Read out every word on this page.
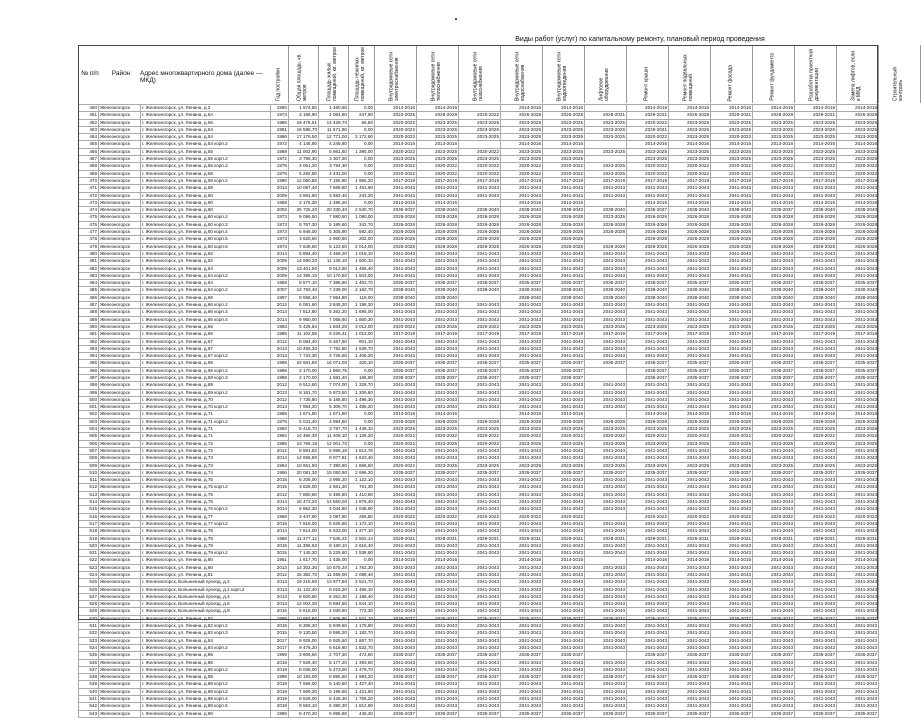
Виды работ (услуг) по капитальному ремонту, плановый период проведения
№ п/п	Район	Адрес многоквартирного дома (далее — МКД)	Год постройки	Общая площадь, кв. метров	Площадь жилых помещений, кв. метров	Площадь нежилых помещений, кв. метров	Внутридомовые сети электроснабжения	Внутридомовые сети теплоснабжения	Внутридомовые сети газоснабжения	Внутридомовые сети водоснабжения	Внутридомовые сети водоотведения	Лифтовое оборудование	Ремонт крыши	Ремонт подвальных помещений	Ремонт фасада	Ремонт фундамента	Разработка проектной документации	Замена лифтов, если в МКД	Строительный контроль
460	Железногорск	г. Железногорск, ул. Ленина, д.2	1960	1 574,50	1 460,60	0,00	2014-2016	2014-2016		2014-2016	2014-2016		2014-2016	2014-2016	2014-2016	2014-2016	2014-2016	2014-2016
461	Железногорск	г. Железногорск, ул. Ленина, д.5А	1973	3 168,90	2 064,80	247,80	2023-2025	2026-2028	2020-2022	2026-2028	2026-2028	2029-2031	2029-2031	2026-2028	2029-2031	2026-2028	2029-2031	2026-2028
462	Железногорск	г. Железногорск, ул. Ленина, д.56	1986	19 475,51	14 429,70	66,80	2020-2022	2023-2025	2023-2025	2023-2025	2023-2025	2023-2025	2020-2022	2023-2025	2023-2025	2023-2025	2023-2025	2023-2025
463	Железногорск	г. Железногорск, ул. Ленина, д.54	1981	16 585,70	11 671,90	0,00	2020-2022	2023-2025	2023-2025	2023-2025	2023-2025	2023-2025	2029-2031	2023-2025	2023-2025	2023-2025	2023-2025	2023-2025
464	Железногорск	г. Железногорск, ул. Ленина, д.54	1986	17 176,50	12 771,00	2 172,60	2020-2022	2023-2025	2023-2025	2023-2025	2023-2025	2023-2025	2020-2022	2023-2025	2020-2022	2023-2025	2023-2025	2023-2025
465	Железногорск	г. Железногорск, ул. Ленина, д.54 корп.2	1972	4 146,80	4 246,80	0,00	2014-2016	2014-2016		2014-2016	2014-2016		2014-2016	2014-2016	2014-2016	2014-2016	2014-2016	2014-2016
466	Железногорск	г. Железногорск, ул. Ленина, д.56	1989	11 002,90	6 861,60	1 395,00	2020-2022	2023-2025	2020-2022	2023-2025	2023-2025	2023-2025	2023-2025	2023-2025	2023-2025	2023-2025	2023-2025	2023-2025
467	Железногорск	г. Железногорск, ул. Ленина, д.56 корп.2	1972	3 759,30	3 307,30	0,00	2023-2025	2023-2025	2023-2025	2023-2025	2023-2025		2023-2025	2023-2025	2023-2025	2023-2025	2023-2025	2023-2025
468	Железногорск	г. Железногорск, ул. Ленина, д.56 корп.3	1978	4 061,20	3 794,30	0,00	2020-2022	2020-2022	2020-2022	2020-2022	2020-2022	2023-2025	2020-2022	2020-2022	2020-2022	2020-2022	2020-2022	2020-2022
469	Железногорск	г. Железногорск, ул. Ленина, д.58	1979	5 282,60	4 431,00	0,00	2020-2022	2020-2022	2020-2022	2020-2022	2020-2022	2023-2025	2020-2022	2020-2022	2020-2022	2020-2022	2020-2022	2020-2022
470	Железногорск	г. Железногорск, ул. Ленина, д.58 корп.2	1990	12 060,80	7 156,80	1 955,20	2017-2019	2017-2019	2017-2019	2017-2019	2017-2019	2017-2019	2017-2019	2017-2019	2017-2019	2017-2019	2017-2019	2017-2019
471	Железногорск	г. Железногорск, ул. Ленина, д.58	2013	10 087,40	7 568,80	1 451,90	2041-2043	2041-2043	2041-2043	2041-2043	2041-2043	2041-2043	2041-2043	2041-2043	2041-2043	2041-2043	2041-2043	2041-2043
472	Железногорск	г. Железногорск, ул. Ленина, д.60	2009	3 591,60	3 583,40	243,20	2041-2043	2041-2043	2041-2043	2041-2043	2041-2043	2041-2043	2041-2043	2041-2043	2041-2043	2041-2043	2041-2043	2041-2043
473	Железногорск	г. Железногорск, ул. Ленина, д.60	1958	2 176,30	1 486,20	0,00	2014-2016	2014-2016		2014-2016	2014-2016		2014-2016	2014-2016	2014-2016	2014-2016	2014-2016	2014-2016
474	Железногорск	г. Железногорск, ул. Ленина, д.60	2002	25 725,20	20 330,40	2 540,70	2035-2037	2038-2040	2038-2040	2038-2040	2038-2040	2038-2040	2035-2037	2038-2040	2038-2040	2035-2037	2038-2040	2038-2040
475	Железногорск	г. Железногорск, ул. Ленина, д.60 корп.2	1973	9 096,50	7 880,50	1 090,00	2026-2028	2026-2028	2026-2028	2026-2028	2026-2028	2023-2025	2026-2028	2026-2028	2026-2028	2026-2028	2026-2028	2026-2028
476	Железногорск	г. Железногорск, ул. Ленина, д.60 корп.3	1973	5 767,30	5 189,60	342,70	2026-2028	2026-2028	2026-2028	2026-2028	2026-2028	2026-2028	2026-2028	2026-2028	2026-2028	2026-2028	2026-2028	2026-2028
477	Железногорск	г. Железногорск, ул. Ленина, д.60 корп.4	1973	5 946,00	5 305,90	582,40	2026-2028	2026-2028	2026-2028	2026-2028	2026-2028	2026-2028	2026-2028	2026-2028	2026-2028	2026-2028	2026-2028	2026-2028
478	Железногорск	г. Железногорск, ул. Ленина, д.60 корп.5	1973	3 520,60	2 960,60	202,00	2026-2028	2026-2028	2026-2028	2026-2028	2026-2028		2026-2028	2026-2028	2026-2028	2026-2028	2026-2028	2026-2028
479	Железногорск	г. Железногорск, ул. Ленина, д.60 корп.6	1973	7 649,50	5 122,50	2 014,00	2026-2028	2026-2028	2026-2028	2026-2028	2026-2028	2026-2028	2026-2028	2026-2028	2026-2028	2026-2028	2026-2028	2026-2028
480	Железногорск	г. Железногорск, ул. Ленина, д.62	2014	5 894,40	4 469,20	1 018,10	2041-2043	2041-2043	2041-2043	2041-2043	2041-2043	2041-2043	2041-2043	2041-2043	2041-2043	2041-2043	2041-2043	2041-2043
481	Железногорск	г. Железногорск, ул. Ленина, д.62	2009	14 690,20	11 138,10	1 600,10	2041-2043	2041-2043	2041-2043	2041-2043	2041-2043	2041-2043	2041-2043	2041-2043	2041-2043	2041-2043	2041-2043	2041-2043
482	Железногорск	г. Железногорск, ул. Ленина, д.64	2009	13 401,90	9 013,50	1 456,40	2041-2043	2041-2043	2041-2043	2041-2043	2041-2043	2041-2043	2041-2043	2041-2043	2041-2043	2041-2043	2041-2043	2041-2043
483	Железногорск	г. Железногорск, ул. Ленина, д.64 корп.2	2009	14 395,10	10 170,50	1 503,00	2041-2043	2041-2043	2041-2043	2041-2043	2041-2043	2041-2043	2041-2043	2041-2043	2041-2043	2041-2043	2041-2043	2041-2043
484	Железногорск	г. Железногорск, ул. Ленина, д.64	1959	8 577,10	7 388,60	1 402,70	2035-2037	2035-2037	2035-2037	2035-2037	2035-2037	2035-2037	2035-2037	2035-2037	2035-2037	2035-2037	2035-2037	2035-2037
485	Железногорск	г. Железногорск, ул. Ленина, д.64 корп.2	2007	12 793,40	7 239,00	2 162,70	2038-2040	2038-2040	2038-2040	2038-2040	2038-2040	2038-2040	2038-2040	2038-2040	2038-2040	2038-2040	2038-2040	2038-2040
486	Железногорск	г. Железногорск, ул. Ленина, д.66	1997	9 558,40	7 954,80	119,00	2038-2040	2038-2040		2038-2040	2038-2040	2038-2040	2038-2040	2038-2040	2038-2040	2038-2040	2038-2040	2038-2040
487	Железногорск	г. Железногорск, ул. Ленина, д.66 корп.2	2012	6 061,60	3 849,20	1 198,30	2041-2043	2041-2043	2041-2043	2041-2043	2041-2043	2041-2043	2041-2043	2041-2043	2041-2043	2041-2043	2041-2043	2041-2043
488	Железногорск	г. Железногорск, ул. Ленина, д.66 корп.3	2013	7 812,80	5 262,20	1 695,00	2041-2043	2041-2043	2041-2043	2041-2043	2041-2043	2041-2043	2041-2043	2041-2043	2041-2043	2041-2043	2041-2043	2041-2043
489	Железногорск	г. Железногорск, ул. Ленина, д.66 корп.4	2014	9 950,00	7 058,60	1 660,30	2041-2043	2041-2043	2041-2043	2041-2043	2041-2043	2041-2043	2041-2043	2041-2043	2041-2043	2041-2043	2041-2043	2041-2043
490	Железногорск	г. Железногорск, ул. Ленина, д.66	1983	5 425,84	1 834,28	3 012,00	2020-2022	2023-2025	2020-2022	2023-2025	2023-2025	2023-2025	2023-2025	2023-2025	2023-2025	2023-2025	2023-2025	2023-2025
491	Железногорск	г. Железногорск, ул. Ленина, д.66	1985	11 102,56	9 225,41	1 012,00	2017-2019	2017-2019	2017-2019	2017-2019	2017-2019	2017-2019	2017-2019	2017-2019	2017-2019	2017-2019	2017-2019	2017-2019
492	Железногорск	г. Железногорск, ул. Ленина, д.67	2012	8 084,40	6 467,60	801,10	2041-2043	2041-2043	2041-2043	2041-2043	2041-2043	2041-2043	2041-2043	2041-2043	2041-2043	2041-2043	2041-2043	2041-2043
493	Железногорск	г. Железногорск, ул. Ленина, д.67	2013	10 455,30	7 782,80	1 539,70	2041-2043	2041-2043	2041-2043	2041-2043	2041-2043	2041-2043	2041-2043	2041-2043	2041-2043	2041-2043	2041-2043	2041-2043
494	Железногорск	г. Железногорск, ул. Ленина, д.67 корп.2	2013	7 733,30	4 725,50	1 406,20	2041-2043	2041-2043	2041-2043	2041-2043	2041-2043	2041-2043	2041-2043	2041-2043	2041-2043	2041-2043	2041-2043	2041-2043
495	Железногорск	г. Железногорск, ул. Ленина, д.68	1998	22 681,80	16 071,00	320,10	2035-2037	2035-2037	2035-2037	2035-2037	2035-2037	2035-2037	2035-2037	2035-2037	2035-2037	2035-2037	2035-2037	2035-2037
496	Железногорск	г. Железногорск, ул. Ленина, д.68 корп.2	1998	2 170,00	1 960,75	0,00	2035-2037	2035-2037	2035-2037	2035-2037	2035-2037		2035-2037	2035-2037	2035-2037	2035-2037	2035-2037	2035-2037
497	Железногорск	г. Железногорск, ул. Ленина, д.68 корп.3	1988	2 170,00	1 581,40	166,80	2035-2037	2035-2037	2035-2037	2035-2037	2035-2037		2035-2037	2035-2037	2035-2037	2035-2037	2035-2037	2035-2037
498	Железногорск	г. Железногорск, ул. Ленина, д.69	2012	9 512,60	7 074,00	1 328,70	2041-2043	2041-2043	2041-2043	2041-2043	2041-2043	2041-2043	2041-2043	2041-2043	2041-2043	2041-2043	2041-2043	2041-2043
499	Железногорск	г. Железногорск, ул. Ленина, д.69 корп.2	2013	8 161,70	5 873,50	1 209,60	2041-2043	2041-2043	2041-2043	2041-2043	2041-2043	2041-2043	2041-2043	2041-2043	2041-2043	2041-2043	2041-2043	2041-2043
500	Железногорск	г. Железногорск, ул. Ленина, д.70	2012	7 735,80	5 185,60	1 496,30	2041-2043	2041-2043	2041-2043	2041-2043	2041-2043	2041-2043	2041-2043	2041-2043	2041-2043	2041-2043	2041-2043	2041-2043
501	Железногорск	г. Железногорск, ул. Ленина, д.70 корп.2	2013	7 954,20	5 306,70	1 485,20	2041-2043	2041-2043	2041-2043	2041-2043	2041-2043	2041-2043	2041-2043	2041-2043	2041-2043	2041-2043	2041-2043	2041-2043
502	Железногорск	г. Железногорск, ул. Ленина, д.71	1966	1 671,80	1 671,80	0,00	2014-2016	2014-2016		2014-2016	2014-2016		2014-2016	2014-2016	2014-2016	2014-2016	2014-2016	2014-2016
503	Железногорск	г. Железногорск, ул. Ленина, д.71 корп.2	1979	5 031,40	4 994,60	0,00	2026-2028	2026-2028	2026-2028	2026-2028	2026-2028	2026-2028	2026-2028	2026-2028	2026-2028	2026-2028	2026-2028	2026-2028
504	Железногорск	г. Железногорск, ул. Ленина, д.71	1993	5 418,70	3 797,70	1 448,10	2023-2025	2023-2025	2023-2025	2023-2025	2023-2025	2023-2025	2023-2025	2023-2025	2023-2025	2023-2025	2023-2025	2023-2025
505	Железногорск	г. Железногорск, ул. Ленина, д.71	1982	14 466,30	11 409,10	1 126,20	2020-2022	2020-2022	2020-2022	2020-2022	2020-2022	2020-2022	2020-2022	2020-2022	2020-2022	2020-2022	2020-2022	2020-2022
506	Железногорск	г. Железногорск, ул. Ленина, д.72	1985	13 766,18	12 001,70	0,00	2020-2022	2023-2025	2020-2022	2023-2025	2023-2025	2023-2025	2023-2025	2023-2025	2023-2025	2023-2025	2023-2025	2023-2025
507	Железногорск	г. Железногорск, ул. Ленина, д.72	2012	8 591,52	5 996,18	1 512,76	2041-2043	2041-2043	2041-2043	2041-2043	2041-2043	2041-2043	2041-2043	2041-2043	2041-2043	2041-2043	2041-2043	2041-2043
508	Железногорск	г. Железногорск, ул. Ленина, д.73	2014	14 656,80	8 977,81	1 623,40	2041-2043	2041-2043	2041-2043	2041-2043	2041-2043	2041-2043	2041-2043	2041-2043	2041-2043	2041-2043	2041-2043	2041-2043
509	Железногорск	г. Железногорск, ул. Ленина, д.73	1994	10 661,90	7 390,80	1 866,60	2020-2022	2023-2025	2023-2025	2023-2025	2023-2025	2023-2025	2023-2025	2023-2025	2023-2025	2023-2025	2023-2025	2023-2025
510	Железногорск	г. Железногорск, ул. Ленина, д.74	1996	20 081,30	15 050,90	2 696,20	2035-2037	2035-2037	2035-2037	2035-2037	2035-2037	2035-2037	2035-2037	2035-2037	2035-2037	2035-2037	2035-2037	2035-2037
511	Железногорск	г. Железногорск, ул. Ленина, д.75	2015	5 205,00	3 995,20	1 122,10	2041-2043	2041-2043	2041-2043	2041-2043	2041-2043	2041-2043	2041-2043	2041-2043	2041-2043	2041-2043	2041-2043	2041-2043
512	Железногорск	г. Железногорск, ул. Ленина, д.75 корп.2	2015	3 826,00	2 661,30	761,30	2041-2043	2041-2043	2041-2043	2041-2043	2041-2043	2041-2043	2041-2043	2041-2043	2041-2043	2041-2043	2041-2043	2041-2043
513	Железногорск	г. Железногорск, ул. Ленина, д.76	2012	7 850,60	5 466,80	1 410,80	2041-2043	2041-2043	2041-2043	2041-2043	2041-2043	2041-2043	2041-2043	2041-2043	2041-2043	2041-2043	2041-2043	2041-2043
514	Железногорск	г. Железногорск, ул. Ленина, д.76	2014	18 473,20	14 560,00	1 875,40	2041-2043	2041-2043	2041-2043	2041-2043	2041-2043	2041-2043	2041-2043	2041-2043	2041-2043	2041-2043	2041-2043	2041-2043
515	Железногорск	г. Железногорск, ул. Ленина, д.76 корп.2	2014	5 862,30	4 044,60	1 048,90	2041-2043	2041-2043	2041-2043	2041-2043	2041-2043	2041-2043	2041-2043	2041-2043	2041-2043	2041-2043	2041-2043	2041-2043
516	Железногорск	г. Железногорск, ул. Ленина, д.77	1968	3 447,90	3 087,80	256,80	2020-2022	2020-2022	2020-2022	2020-2022	2020-2022		2020-2022	2020-2022	2020-2022	2020-2022	2020-2022	2020-2022
517	Железногорск	г. Железногорск, ул. Ленина, д.77 корп.2	2015	7 816,00	5 625,80	1 172,10	2041-2043	2041-2043	2041-2043	2041-2043	2041-2043	2041-2043	2041-2043	2041-2043	2041-2043	2041-2043	2041-2043	2041-2043
518	Железногорск	г. Железногорск, ул. Ленина, д.78	2014	7 614,00	5 623,00	1 377,10	2041-2043	2041-2043	2041-2043	2041-2043	2041-2043	2041-2043	2041-2043	2041-2043	2041-2043	2041-2043	2041-2043	2041-2043
519	Железногорск	г. Железногорск, ул. Ленина, д.78	1988	11 377,12	7 545,22	2 502,14	2029-2031	2029-2031	2029-2031	2029-2031	2029-2031	2029-2031	2029-2031	2029-2031	2029-2031	2029-2031	2029-2031	2029-2031
520	Железногорск	г. Железногорск, ул. Ленина, д.79	2015	11 355,63	8 180,10	2 616,40	2041-2043	2041-2043	2041-2043	2041-2043	2041-2043	2041-2043	2041-2043	2041-2043	2041-2043	2041-2043	2041-2043	2041-2043
521	Железногорск	г. Железногорск, ул. Ленина, д.79 корп.2	2015	7 145,20	5 225,60	1 536,90	2041-2043	2041-2043	2041-2043	2041-2043	2041-2043	2041-2043	2041-2043	2041-2043	2041-2043	2041-2043	2041-2043	2041-2043
522	Железногорск	г. Железногорск, ул. Ленина, д.80	1961	1 617,70	1 435,00	0,00	2014-2016	2014-2016		2014-2016	2014-2016		2014-2016	2014-2016	2014-2016	2014-2016	2014-2016	2014-2016
523	Железногорск	г. Железногорск, ул. Ленина, д.80	2013	14 302,30	10 575,20	1 762,30	2041-2043	2041-2043	2041-2043	2041-2043	2041-2043	2041-2043	2041-2043	2041-2043	2041-2043	2041-2043	2041-2043	2041-2043
524	Железногорск	г. Железногорск, ул. Ленина, д.81	2012	15 382,70	11 069,00	2 088,40	2041-2043	2041-2043	2041-2043	2041-2043	2041-2043	2041-2043	2041-2043	2041-2043	2041-2043	2041-2043	2041-2043	2041-2043
525	Железногорск	г. Железногорск, Больничный проезд, д.2	2013	19 219,60	13 877,50	2 521,70	2041-2043	2041-2043	2041-2043	2041-2043	2041-2043	2041-2043	2041-2043	2041-2043	2041-2043	2041-2043	2041-2043	2041-2043
526	Железногорск	г. Железногорск, Больничный проезд, д.2 корп.2	2013	11 122,40	8 015,20	1 456,10	2041-2043	2041-2043	2041-2043	2041-2043	2041-2043	2041-2043	2041-2043	2041-2043	2041-2043	2041-2043	2041-2043	2041-2043
527	Железногорск	г. Железногорск, Больничный проезд, д.4	2013	8 820,60	6 353,30	1 198,40	2041-2043	2041-2043	2041-2043	2041-2043	2041-2043	2041-2043	2041-2043	2041-2043	2041-2043	2041-2043	2041-2043	2041-2043
528	Железногорск	г. Железногорск, Больничный проезд, д.6	2013	12 002,30	8 694,50	1 644,10	2041-2043	2041-2043	2041-2043	2041-2043	2041-2043	2041-2043	2041-2043	2041-2043	2041-2043	2041-2043	2041-2043	2041-2043
529	Железногорск	г. Железногорск, Больничный проезд, д.8	2015	5 618,00	4 030,50	772,30	2041-2043	2041-2043	2041-2043	2041-2043	2041-2043	2041-2043	2041-2043	2041-2043	2041-2043	2041-2043	2041-2043	2041-2043
530	Железногорск	г. Железногорск, ул. Ленина, д.82	1998	10 663,80	7 606,90	1 521,10	2035-2037	2035-2037	2035-2037	2035-2037	2035-2037	2035-2037	2035-2037	2035-2037	2035-2037	2035-2037	2035-2037	2035-2037
531	Железногорск	г. Железногорск, ул. Ленина, д.82 корп.2	2015	8 306,20	5 949,60	1 175,80	2041-2043	2041-2043	2041-2043	2041-2043	2041-2043	2041-2043	2041-2043	2041-2043	2041-2043	2041-2043	2041-2043	2041-2043
532	Железногорск	г. Железногорск, ул. Ленина, д.82 корп.3	2015	9 130,50	6 595,20	1 182,70	2041-2043	2041-2043	2041-2043	2041-2043	2041-2043	2041-2043	2041-2043	2041-2043	2041-2043	2041-2043	2041-2043	2041-2043
533	Железногорск	г. Железногорск, ул. Ленина, д.84	2017	9 926,00	6 925,60	1 667,70	2041-2043	2041-2043	2041-2043	2041-2043	2041-2043	2041-2043	2041-2043	2041-2043	2041-2043	2041-2043	2041-2043	2041-2043
534	Железногорск	г. Железногорск, ул. Ленина, д.84 корп.2	2017	9 476,20	6 616,60	1 532,70	2041-2043	2041-2043	2041-2043	2041-2043	2041-2043	2041-2043	2041-2043	2041-2043	2041-2043	2041-2043	2041-2043	2041-2043
535	Железногорск	г. Железногорск, ул. Ленина, д.86	1999	3 606,60	2 707,30	472,60	2035-2037	2035-2037	2035-2037	2035-2037	2035-2037		2035-2037	2035-2037	2035-2037	2035-2037	2035-2037	2035-2037
536	Железногорск	г. Железногорск, ул. Ленина, д.86	2018	7 526,40	5 177,20	1 393,50	2041-2043	2041-2043	2041-2043	2041-2043	2041-2043	2041-2043	2041-2043	2041-2043	2041-2043	2041-2043	2041-2043	2041-2043
537	Железногорск	г. Железногорск, ул. Ленина, д.86 корп.2	2018	8 036,00	5 473,00	1 479,70	2041-2043	2041-2043	2041-2043	2041-2043	2041-2043	2041-2043	2041-2043	2041-2043	2041-2043	2041-2043	2041-2043	2041-2043
538	Железногорск	г. Железногорск, ул. Ленина, д.88	1999	10 193,00	6 855,60	1 993,20	2035-2037	2035-2037	2035-2037	2035-2037	2035-2037	2035-2037	2035-2037	2035-2037	2035-2037	2035-2037	2035-2037	2035-2037
539	Железногорск	г. Железногорск, ул. Ленина, д.88 корп.2	2018	7 656,00	5 140,50	1 427,40	2041-2043	2041-2043	2041-2043	2041-2043	2041-2043	2041-2043	2041-2043	2041-2043	2041-2043	2041-2043	2041-2043	2041-2043
540	Железногорск	г. Железногорск, ул. Ленина, д.88 корп.3	2018	7 669,20	5 196,50	1 421,60	2041-2043	2041-2043	2041-2043	2041-2043	2041-2043	2041-2043	2041-2043	2041-2043	2041-2043	2041-2043	2041-2043	2041-2043
541	Железногорск	г. Железногорск, ул. Ленина, д.88 корп.4	2019	9 526,00	6 426,30	1 756,20	2041-2043	2041-2043	2041-2043	2041-2043	2041-2043	2041-2043	2041-2043	2041-2043	2041-2043	2041-2043	2041-2043	2041-2043
542	Железногорск	г. Железногорск, ул. Ленина, д.88 корп.5	2019	9 563,10	6 380,30	1 812,90	2041-2043	2041-2043	2041-2043	2041-2043	2041-2043	2041-2043	2041-2043	2041-2043	2041-2043	2041-2043	2041-2043	2041-2043
543	Железногорск	г. Железногорск, ул. Ленина, д.90	1996	8 470,20	5 995,60	445,30	2035-2037	2035-2037	2035-2037	2035-2037	2035-2037	2035-2037	2035-2037	2035-2037	2035-2037	2035-2037	2035-2037	2035-2037
